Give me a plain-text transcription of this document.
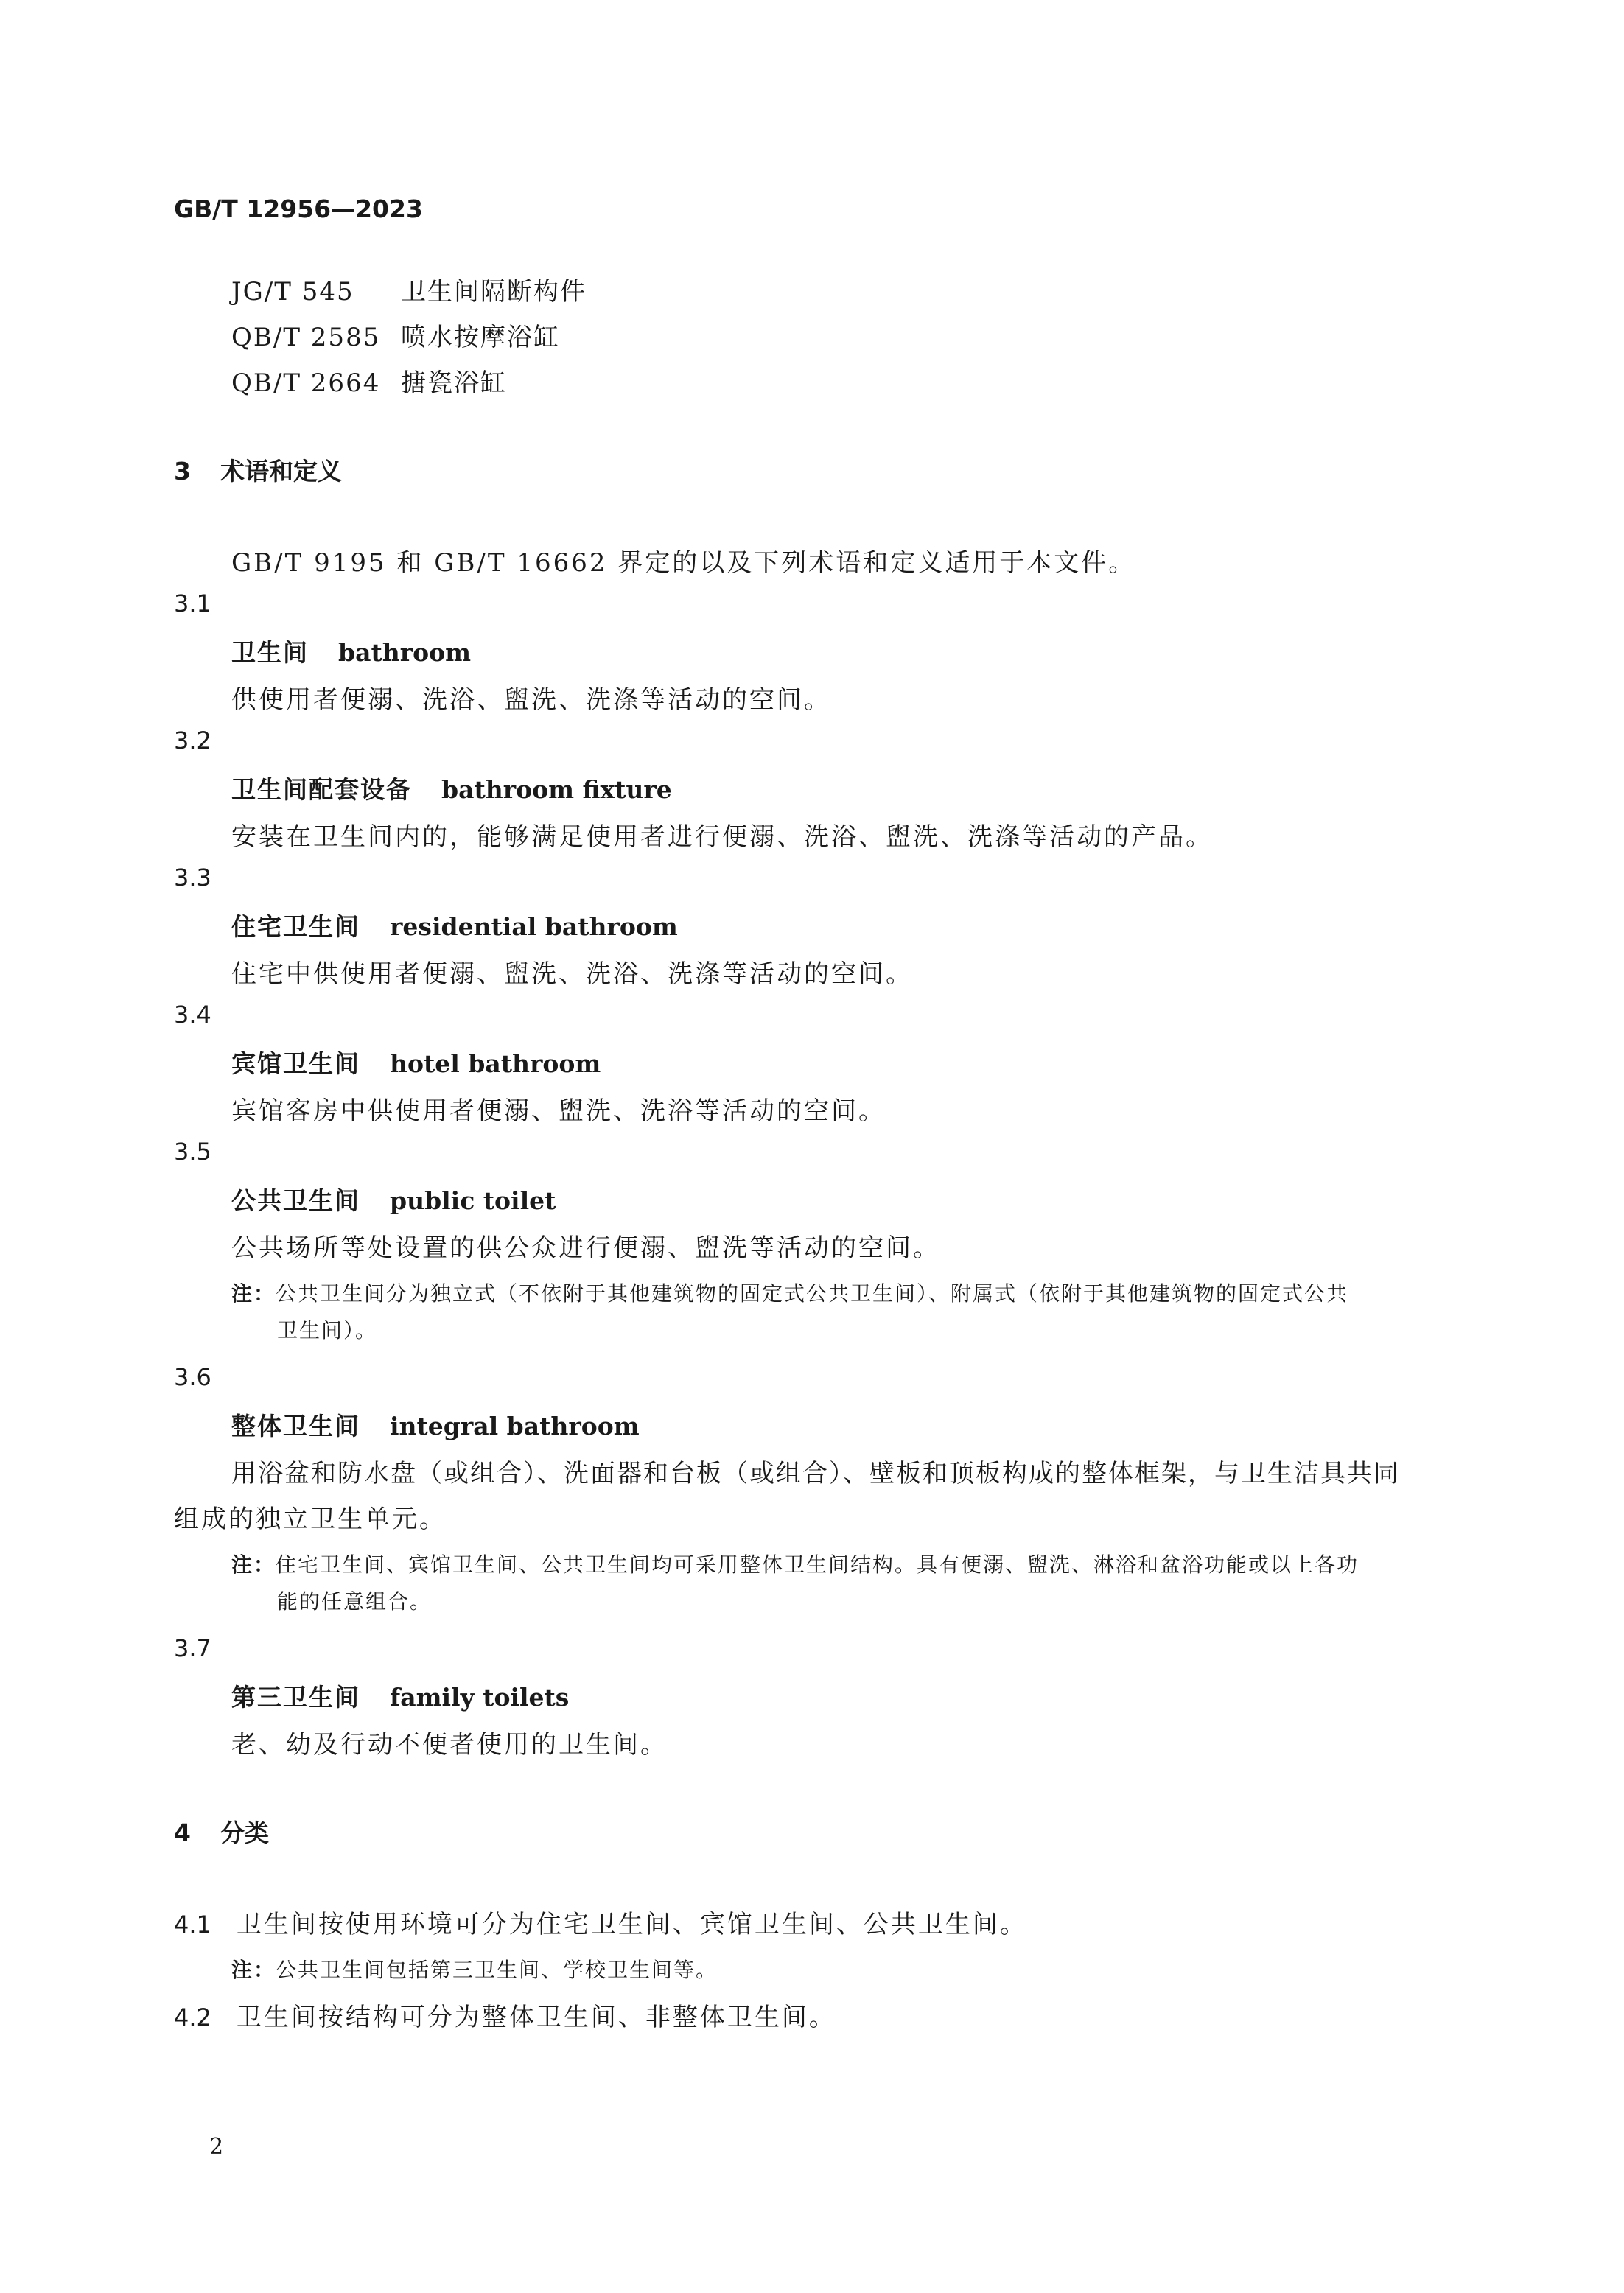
GB/T 12956—2023
JG/T 545 卫生间隔断构件
QB/T 2585 喷水按摩浴缸
QB/T 2664 搪瓷浴缸
3 术语和定义
GB/T 9195 和 GB/T 16662 界定的以及下列术语和定义适用于本文件。
3.1
卫生间 bathroom
供使用者便溺、洗浴、盥洗、洗涤等活动的空间。
3.2
卫生间配套设备 bathroom fixture
安装在卫生间内的，能够满足使用者进行便溺、洗浴、盥洗、洗涤等活动的产品。
3.3
住宅卫生间 residential bathroom
住宅中供使用者便溺、盥洗、洗浴、洗涤等活动的空间。
3.4
宾馆卫生间 hotel bathroom
宾馆客房中供使用者便溺、盥洗、洗浴等活动的空间。
3.5
公共卫生间 public toilet
公共场所等处设置的供公众进行便溺、盥洗等活动的空间。
注：公共卫生间分为独立式（不依附于其他建筑物的固定式公共卫生间）、附属式（依附于其他建筑物的固定式公共
卫生间）。
3.6
整体卫生间 integral bathroom
用浴盆和防水盘（或组合）、洗面器和台板（或组合）、壁板和顶板构成的整体框架，与卫生洁具共同
组成的独立卫生单元。
注：住宅卫生间、宾馆卫生间、公共卫生间均可采用整体卫生间结构。具有便溺、盥洗、淋浴和盆浴功能或以上各功
能的任意组合。
3.7
第三卫生间 family toilets
老、幼及行动不便者使用的卫生间。
4 分类
4.1 卫生间按使用环境可分为住宅卫生间、宾馆卫生间、公共卫生间。
注：公共卫生间包括第三卫生间、学校卫生间等。
4.2 卫生间按结构可分为整体卫生间、非整体卫生间。
2
